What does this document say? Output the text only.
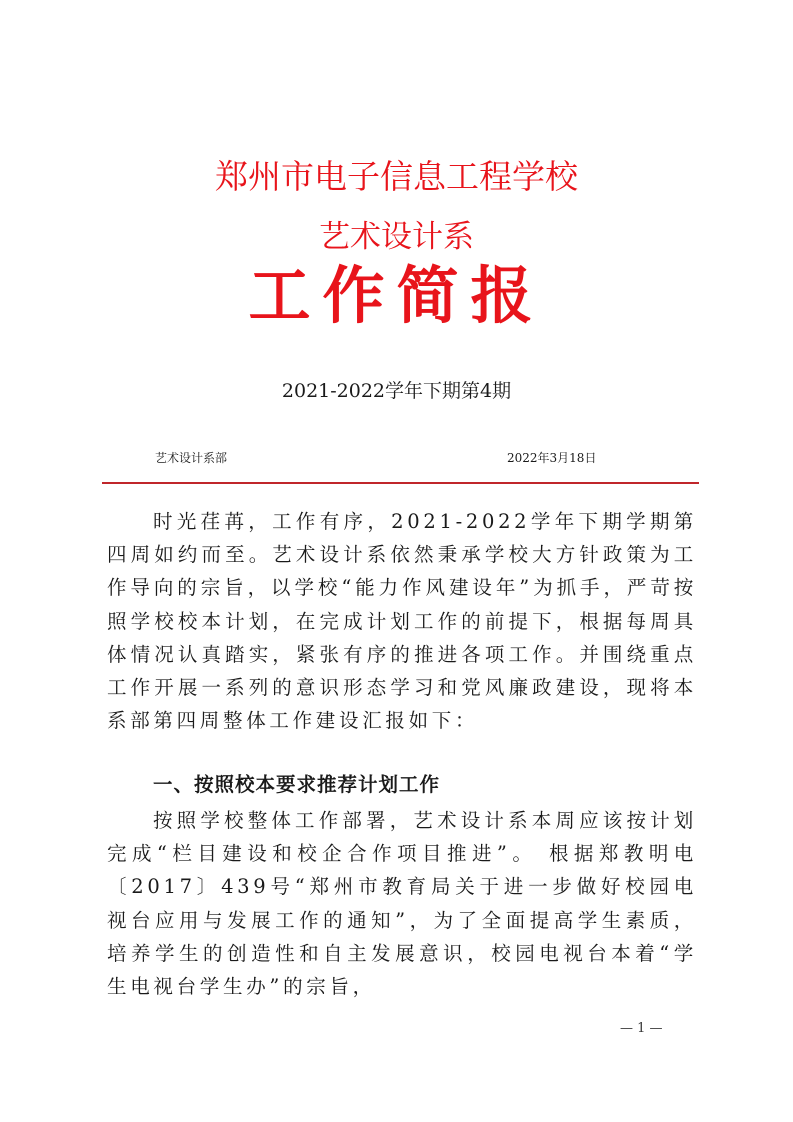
郑州市电子信息工程学校
艺术设计系
工作简报
2021-2022学年下期第4期
艺术设计系部	2022年3月18日
时光荏苒，工作有序，2021-2022学年下期学期第四周如约而至。艺术设计系依然秉承学校大方针政策为工作导向的宗旨，以学校“能力作风建设年”为抓手，严苛按照学校校本计划，在完成计划工作的前提下，根据每周具体情况认真踏实，紧张有序的推进各项工作。并围绕重点工作开展一系列的意识形态学习和党风廉政建设，现将本系部第四周整体工作建设汇报如下：
一、按照校本要求推荐计划工作
按照学校整体工作部署，艺术设计系本周应该按计划完成“栏目建设和校企合作项目推进”。 根据郑教明电〔2017〕439号“郑州市教育局关于进一步做好校园电视台应用与发展工作的通知”，为了全面提高学生素质，培养学生的创造性和自主发展意识，校园电视台本着“学生电视台学生办”的宗旨，
— 1 —
